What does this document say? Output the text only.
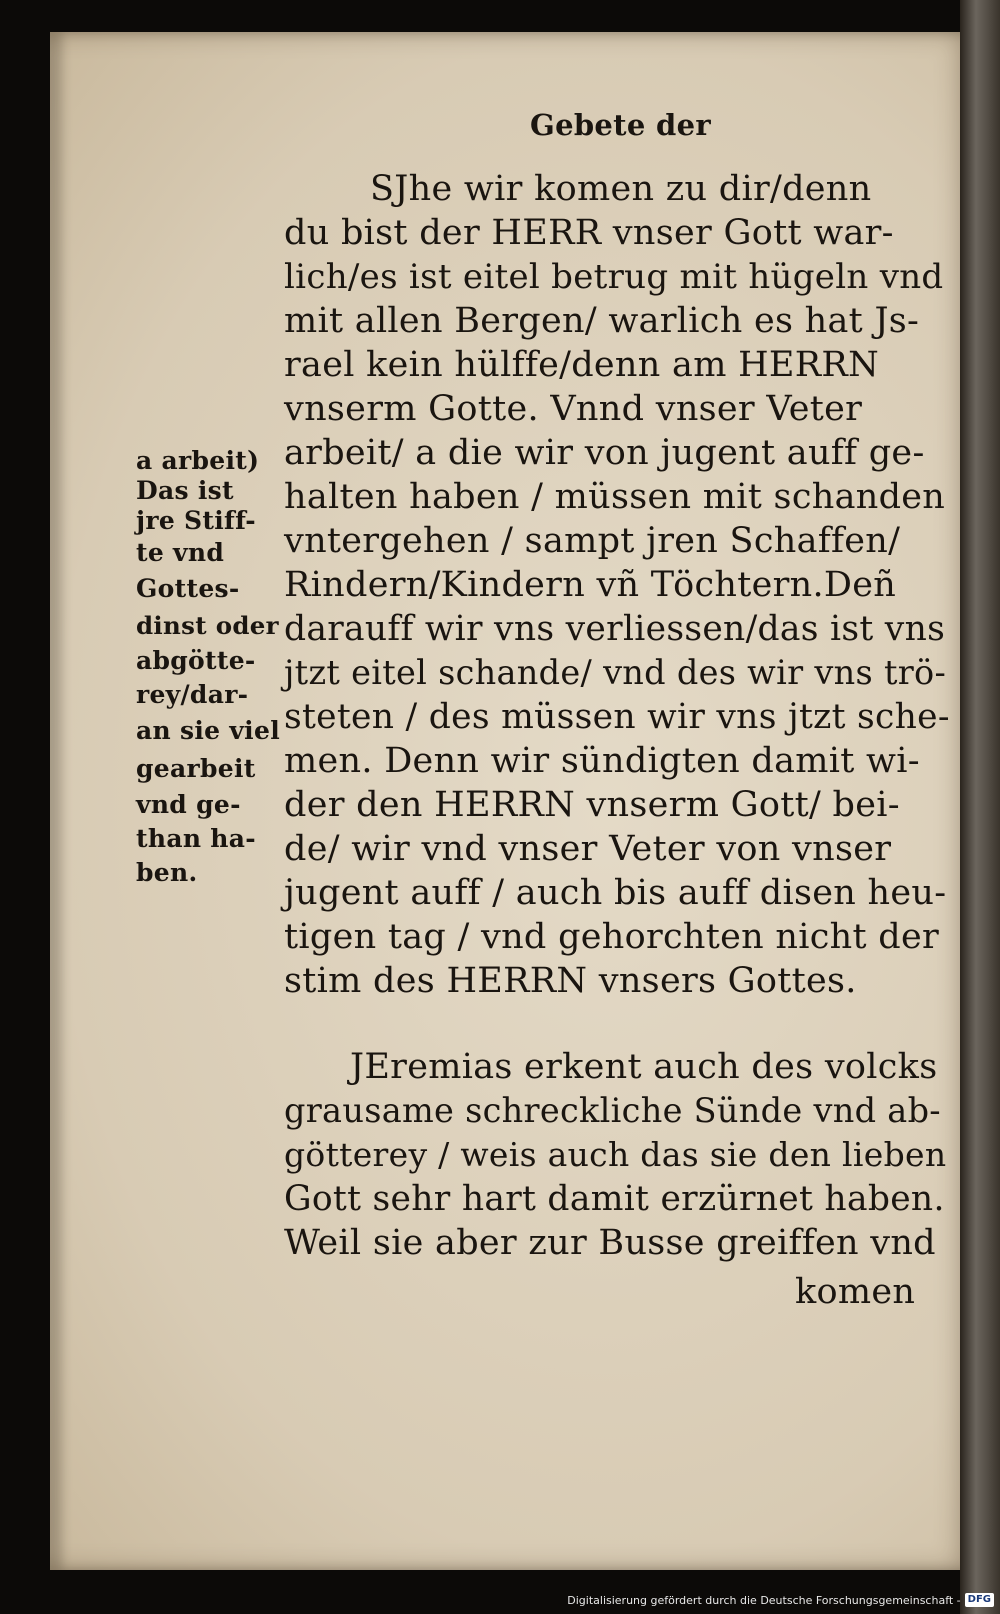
Gebete der
SJhe wir komen zu dir/denn
du bist der HERR vnser Gott war-
lich/es ist eitel betrug mit hügeln vnd
mit allen Bergen/ warlich es hat Js-
rael kein hülffe/denn am HERRN
vnserm Gotte. Vnnd vnser Veter
arbeit/ a die wir von jugent auff ge-
halten haben / müssen mit schanden
vntergehen / sampt jren Schaffen/
Rindern/Kindern vñ Töchtern.Deñ
darauff wir vns verliessen/das ist vns
jtzt eitel schande/ vnd des wir vns trö-
steten / des müssen wir vns jtzt sche-
men. Denn wir sündigten damit wi-
der den HERRN vnserm Gott/ bei-
de/ wir vnd vnser Veter von vnser
jugent auff / auch bis auff disen heu-
tigen tag / vnd gehorchten nicht der
stim des HERRN vnsers Gottes.
JEremias erkent auch des volcks
grausame schreckliche Sünde vnd ab-
götterey / weis auch das sie den lieben
Gott sehr hart damit erzürnet haben.
Weil sie aber zur Busse greiffen vnd
komen
a arbeit)
Das ist
jre Stiff-
te vnd
Gottes-
dinst oder
abgötte-
rey/dar-
an sie viel
gearbeit
vnd ge-
than ha-
ben.
Digitalisierung gefördert durch die Deutsche Forschungsgemeinschaft - DFG
